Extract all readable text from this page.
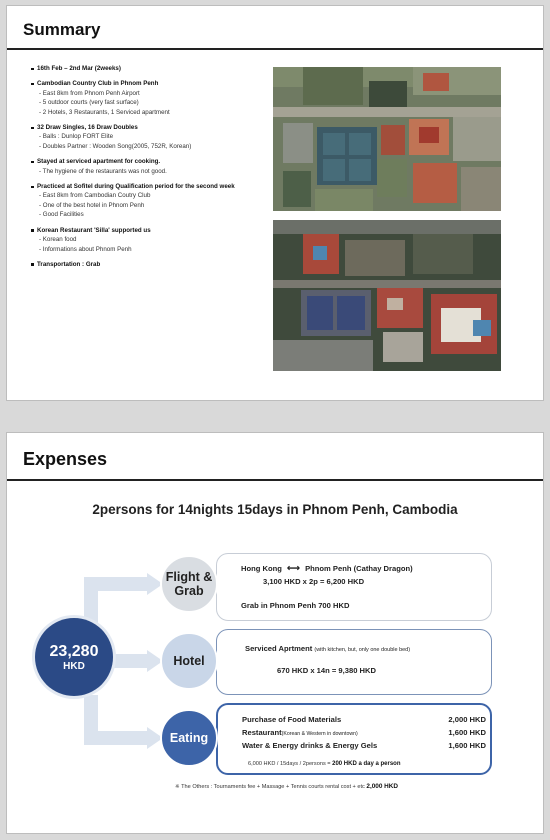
Summary
16th Feb – 2nd Mar (2weeks)
Cambodian Country Club in Phnom Penh
- East 8km from Phnom Penh Airport
- 5 outdoor courts (very fast surface)
- 2 Hotels, 3 Restaurants, 1 Serviced apartment
32 Draw Singles, 16 Draw Doubles
- Balls : Dunlop FORT Elite
- Doubles Partner : Wooden Song(2005, 752R, Korean)
Stayed at serviced apartment for cooking.
- The hygiene of the restaurants was not good.
Practiced at Sofitel during Qualification period for the second week
- East 8km from Cambodian Coutry Club
- One of the best hotel in Phnom Penh
- Good Facilities
Korean Restaurant 'Silla' supported us
- Korean food
- Informations about Phnom Penh
Transportation : Grab
Expenses
2persons for 14nights 15days in Phnom Penh, Cambodia
23,280
HKD
Flight & Grab
Hotel
Eating
Hong Kong ⟷ Phnom Penh (Cathay Dragon)
3,100 HKD x 2p = 6,200 HKD
Grab in Phnom Penh 700 HKD
Serviced Aprtment (with kitchen, but, only one double bed)
670 HKD x 14n = 9,380 HKD
Purchase of Food Materials	2,000 HKD
Restaurant(Korean & Western in downtown)	1,600 HKD
Water & Energy drinks & Energy Gels	1,600 HKD
6,000 HKD / 15days / 2persons = 200 HKD a day a person
※ The Others : Tournaments fee + Massage + Tennis courts rental cost + etc 2,000 HKD
